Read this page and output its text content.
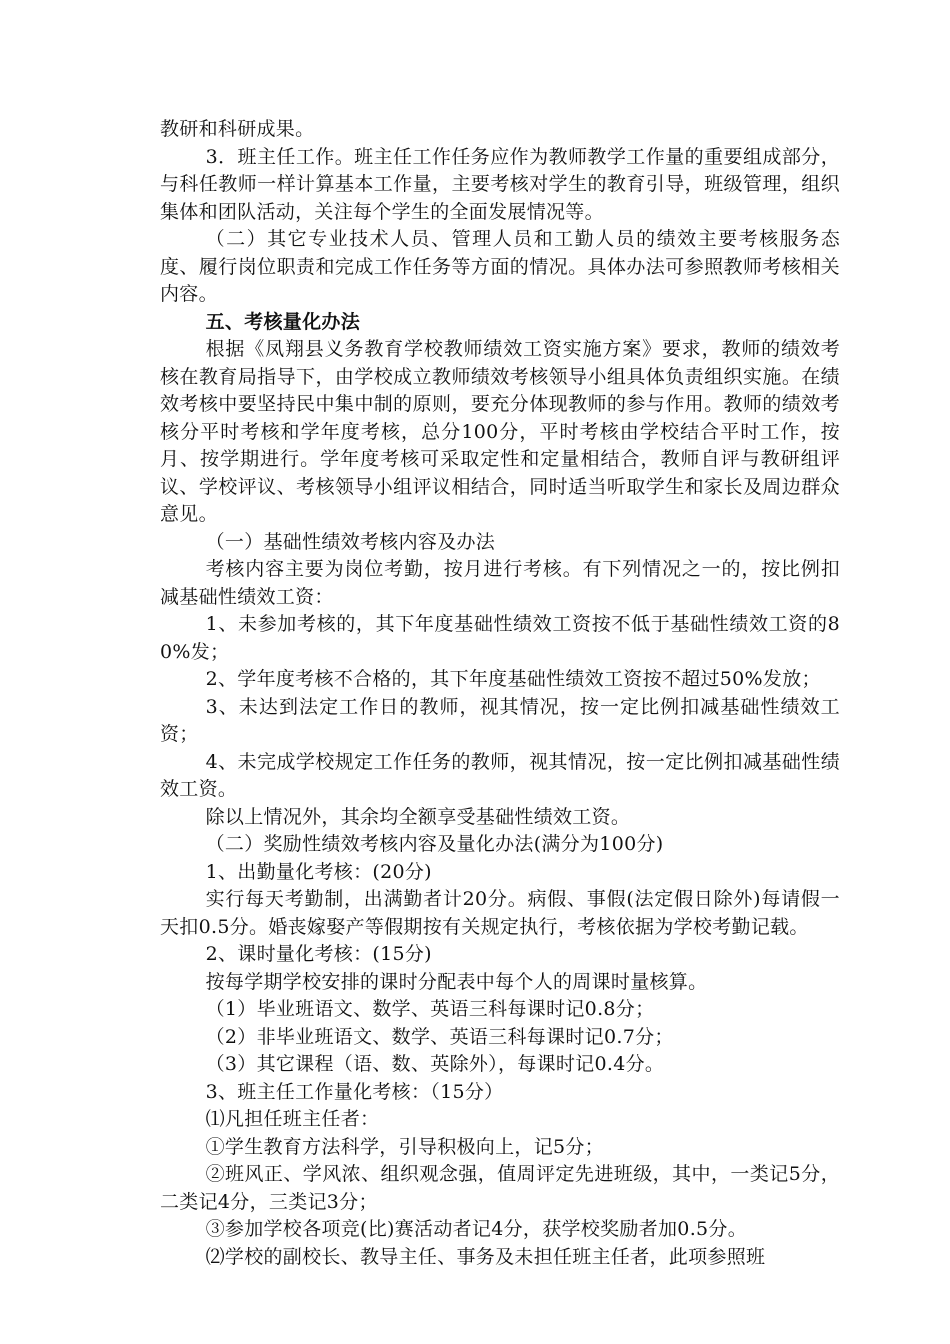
教研和科研成果。

3．班主任工作。班主任工作任务应作为教师教学工作量的重要组成部分，与科任教师一样计算基本工作量，主要考核对学生的教育引导，班级管理，组织集体和团队活动，关注每个学生的全面发展情况等。

（二）其它专业技术人员、管理人员和工勤人员的绩效主要考核服务态度、履行岗位职责和完成工作任务等方面的情况。具体办法可参照教师考核相关内容。

五、考核量化办法

根据《凤翔县义务教育学校教师绩效工资实施方案》要求，教师的绩效考核在教育局指导下，由学校成立教师绩效考核领导小组具体负责组织实施。在绩效考核中要坚持民中集中制的原则，要充分体现教师的参与作用。教师的绩效考核分平时考核和学年度考核，总分100分，平时考核由学校结合平时工作，按月、按学期进行。学年度考核可采取定性和定量相结合，教师自评与教研组评议、学校评议、考核领导小组评议相结合，同时适当听取学生和家长及周边群众意见。

（一）基础性绩效考核内容及办法

考核内容主要为岗位考勤，按月进行考核。有下列情况之一的，按比例扣减基础性绩效工资：

1、未参加考核的，其下年度基础性绩效工资按不低于基础性绩效工资的80%发；

2、学年度考核不合格的，其下年度基础性绩效工资按不超过50%发放；

3、未达到法定工作日的教师，视其情况，按一定比例扣减基础性绩效工资；

4、未完成学校规定工作任务的教师，视其情况，按一定比例扣减基础性绩效工资。

除以上情况外，其余均全额享受基础性绩效工资。

（二）奖励性绩效考核内容及量化办法(满分为100分)

1、出勤量化考核：(20分)

实行每天考勤制，出满勤者计20分。病假、事假(法定假日除外)每请假一天扣0.5分。婚丧嫁娶产等假期按有关规定执行，考核依据为学校考勤记载。

2、课时量化考核：(15分)

按每学期学校安排的课时分配表中每个人的周课时量核算。

（1）毕业班语文、数学、英语三科每课时记0.8分；

（2）非毕业班语文、数学、英语三科每课时记0.7分；

（3）其它课程（语、数、英除外），每课时记0.4分。

3、班主任工作量化考核：（15分）

⑴凡担任班主任者：

①学生教育方法科学，引导积极向上，记5分；

②班风正、学风浓、组织观念强，值周评定先进班级，其中，一类记5分，二类记4分，三类记3分；

③参加学校各项竞(比)赛活动者记4分，获学校奖励者加0.5分。

⑵学校的副校长、教导主任、事务及未担任班主任者，此项参照班
